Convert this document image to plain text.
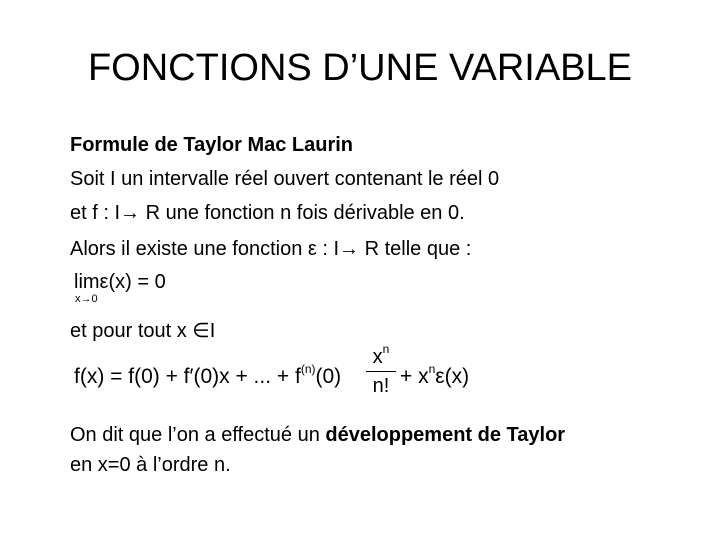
FONCTIONS D’UNE VARIABLE
Formule de Taylor Mac Laurin
Soit I un intervalle réel ouvert contenant le réel 0
et f : I→ R une fonction n fois dérivable en 0.
Alors il existe une fonction ε : I→ R telle que :
limε(x) = 0
x→0
et pour tout x ∈I
f(x) = f(0) + f′(0)x + ... + $f^{(n)}(0)$
$x^n$
n! + $x^n\varepsilon(x)$
On dit que l’on a effectué un développement de Taylor
en x=0 à l’ordre n.
